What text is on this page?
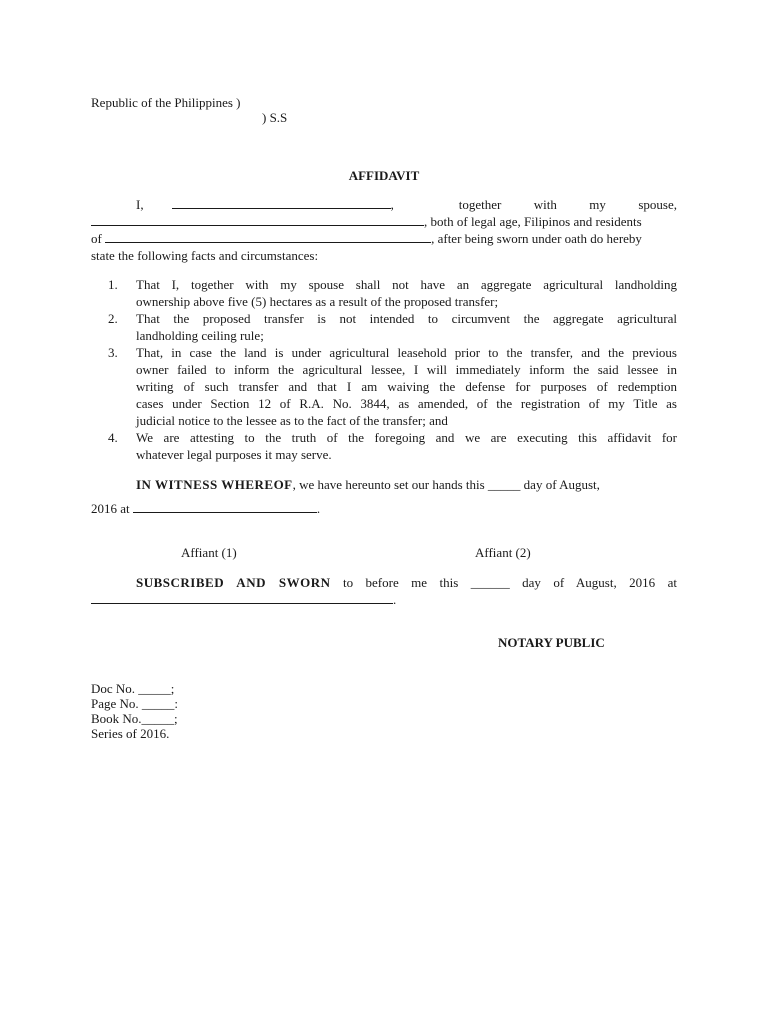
Republic of the Philippines )
) S.S
AFFIDAVIT
I,	,	together with my spouse,
, both of legal age, Filipinos and residents
of	, after being sworn under oath do hereby
state the following facts and circumstances:
1. That I, together with my spouse shall not have an aggregate agricultural landholding
ownership above five (5) hectares as a result of the proposed transfer;
2. That the proposed transfer is not intended to circumvent the aggregate agricultural
landholding ceiling rule;
3. That, in case the land is under agricultural leasehold prior to the transfer, and the previous
owner failed to inform the agricultural lessee, I will immediately inform the said lessee in
writing of such transfer and that I am waiving the defense for purposes of redemption
cases under Section 12 of R.A. No. 3844, as amended, of the registration of my Title as
judicial notice to the lessee as to the fact of the transfer; and
4. We are attesting to the truth of the foregoing and we are executing this affidavit for
whatever legal purposes it may serve.
IN WITNESS WHEREOF, we have hereunto set our hands this _____ day of August,
2016 at	.
Affiant (1)	Affiant (2)
SUBSCRIBED AND SWORN to before me this ______ day of August, 2016 at
.
NOTARY PUBLIC
Doc No. _____;
Page No. _____:
Book No._____;
Series of 2016.
